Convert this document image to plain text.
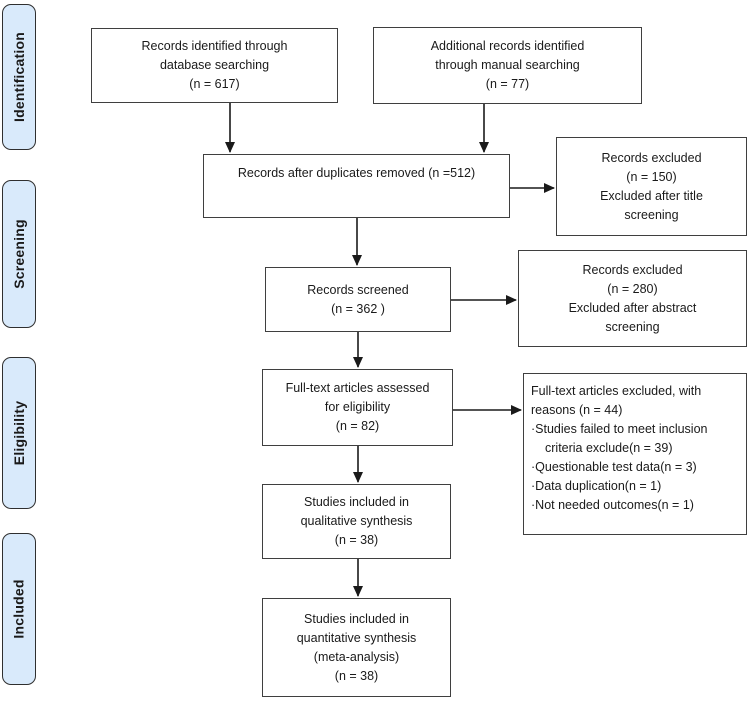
Identification
Screening
Eligibility
Included
Records identified through
database searching
(n = 617)
Additional records identified
through manual searching
(n = 77)
Records after duplicates removed (n =512)
Records excluded
(n = 150)
Excluded after title
screening
Records screened
(n = 362 )
Records excluded
(n = 280)
Excluded after abstract
screening
Full-text articles assessed
for eligibility
(n = 82)
Full-text articles excluded, with reasons (n = 44)
·Studies failed to meet inclusion criteria exclude(n = 39)
·Questionable test data(n = 3)
·Data duplication(n = 1)
·Not needed outcomes(n = 1)
Studies included in
qualitative synthesis
(n = 38)
Studies included in
quantitative synthesis
(meta-analysis)
(n = 38)
